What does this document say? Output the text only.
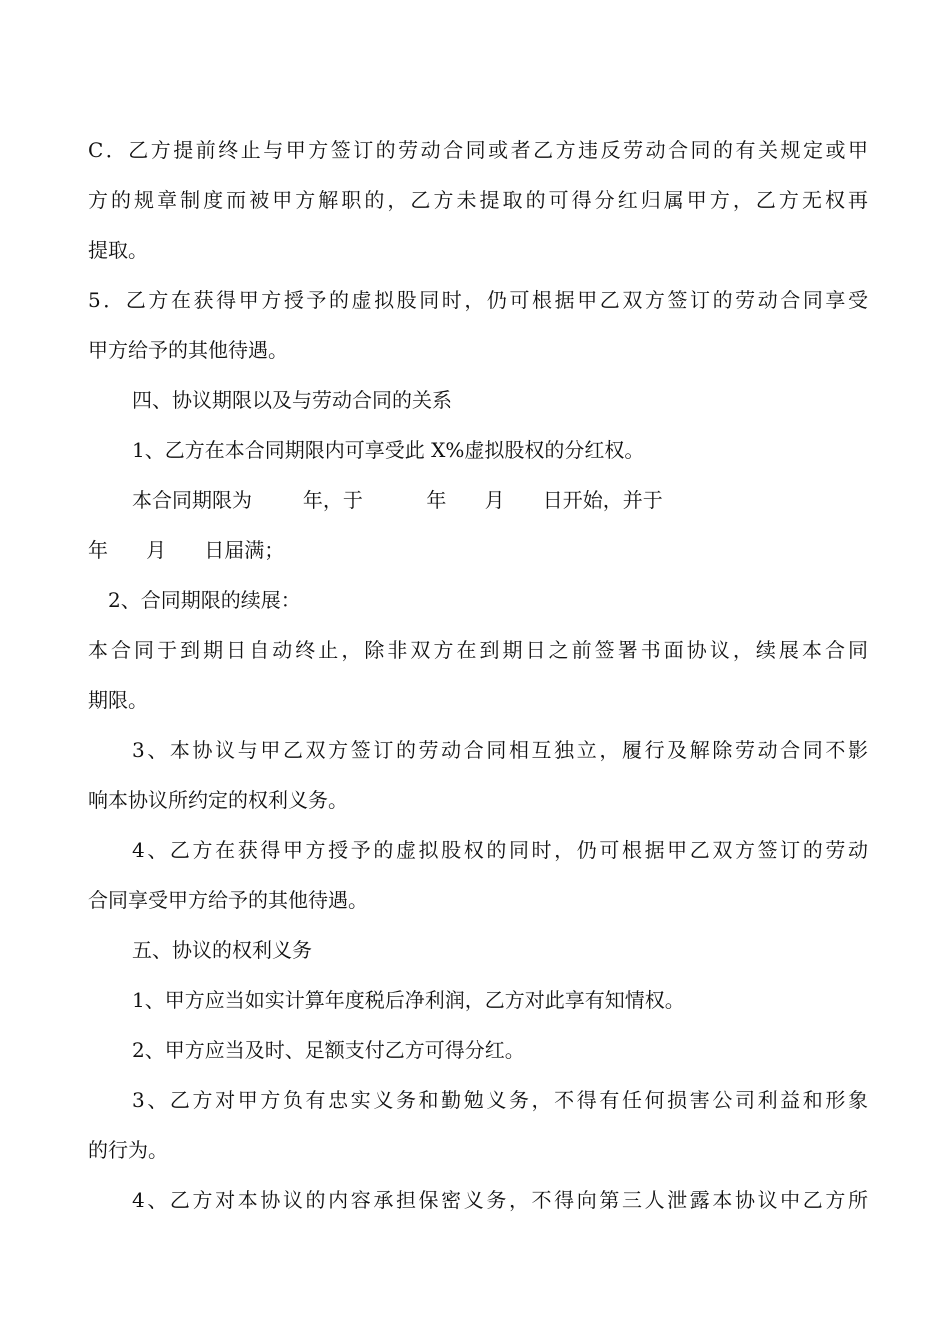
C．乙方提前终止与甲方签订的劳动合同或者乙方违反劳动合同的有关规定或甲
方的规章制度而被甲方解职的，乙方未提取的可得分红归属甲方，乙方无权再
提取。
5．乙方在获得甲方授予的虚拟股同时，仍可根据甲乙双方签订的劳动合同享受
甲方给予的其他待遇。
四、协议期限以及与劳动合同的关系
1、乙方在本合同期限内可享受此 X%虚拟股权的分红权。
本合同期限为        年，于          年      月      日开始，并于
年      月      日届满；
2、合同期限的续展：
本合同于到期日自动终止，除非双方在到期日之前签署书面协议，续展本合同
期限。
3、本协议与甲乙双方签订的劳动合同相互独立，履行及解除劳动合同不影
响本协议所约定的权利义务。
4、乙方在获得甲方授予的虚拟股权的同时，仍可根据甲乙双方签订的劳动
合同享受甲方给予的其他待遇。
五、协议的权利义务
1、甲方应当如实计算年度税后净利润，乙方对此享有知情权。
2、甲方应当及时、足额支付乙方可得分红。
3、乙方对甲方负有忠实义务和勤勉义务，不得有任何损害公司利益和形象
的行为。
4、乙方对本协议的内容承担保密义务，不得向第三人泄露本协议中乙方所
